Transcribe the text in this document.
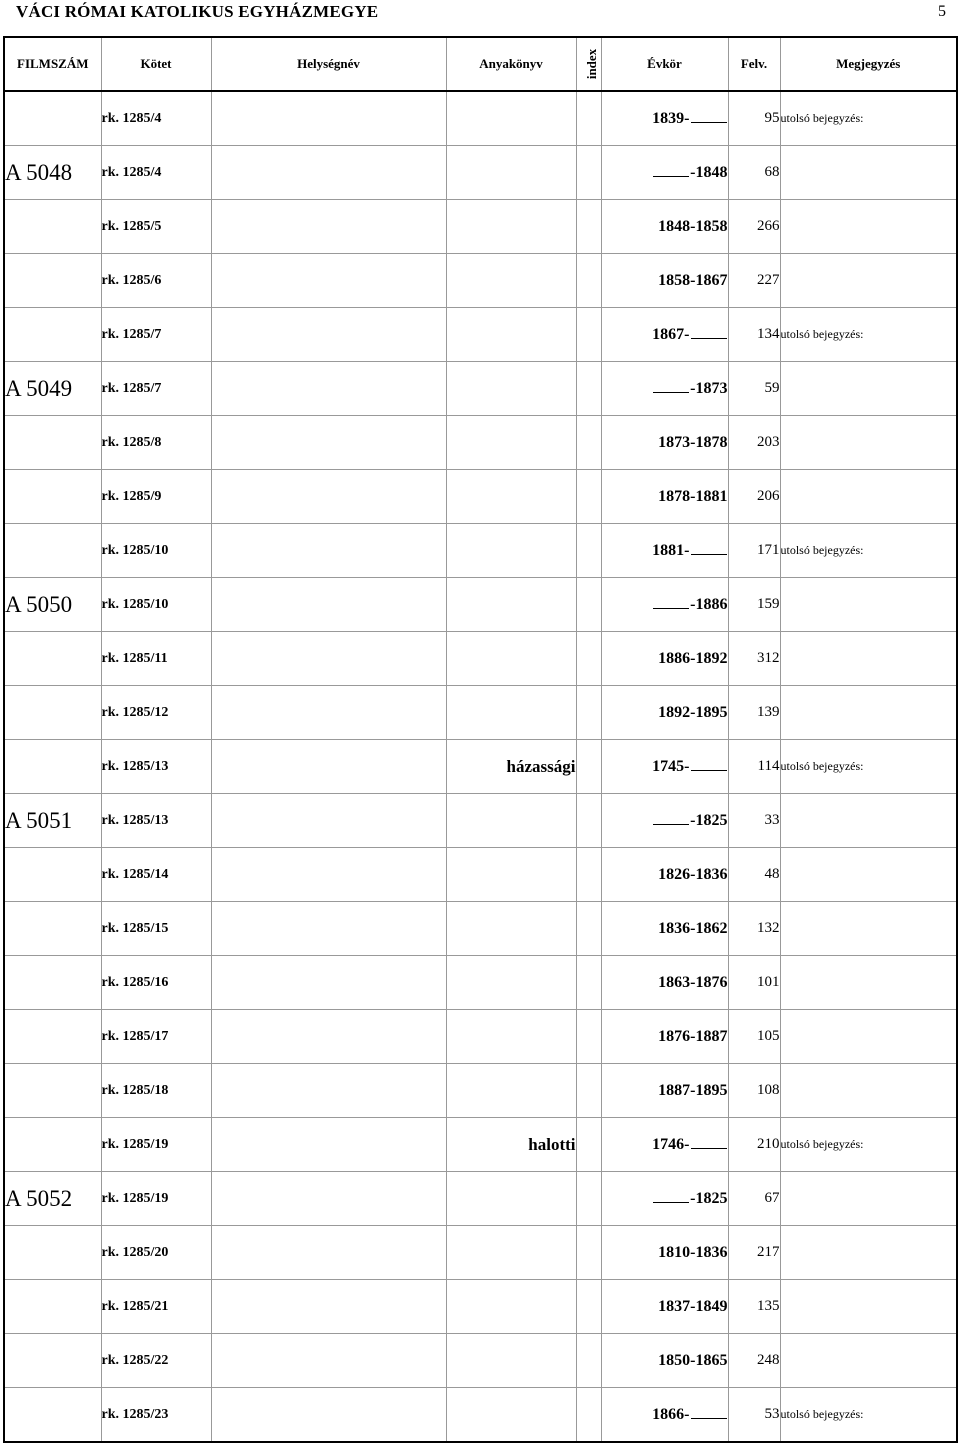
VÁCI RÓMAI KATOLIKUS EGYHÁZMEGYE	5
FILMSZÁM	Kötet	Helységnév	Anyakönyv	index	Évkör	Felv.	Megjegyzés
	rk. 1285/4				1839-	95	utolsó bejegyzés:
A 5048	rk. 1285/4				-1848	68	
	rk. 1285/5				1848-1858	266	
	rk. 1285/6				1858-1867	227	
	rk. 1285/7				1867-	134	utolsó bejegyzés:
A 5049	rk. 1285/7				-1873	59	
	rk. 1285/8				1873-1878	203	
	rk. 1285/9				1878-1881	206	
	rk. 1285/10				1881-	171	utolsó bejegyzés:
A 5050	rk. 1285/10				-1886	159	
	rk. 1285/11				1886-1892	312	
	rk. 1285/12				1892-1895	139	
	rk. 1285/13		házassági		1745-	114	utolsó bejegyzés:
A 5051	rk. 1285/13				-1825	33	
	rk. 1285/14				1826-1836	48	
	rk. 1285/15				1836-1862	132	
	rk. 1285/16				1863-1876	101	
	rk. 1285/17				1876-1887	105	
	rk. 1285/18				1887-1895	108	
	rk. 1285/19		halotti		1746-	210	utolsó bejegyzés:
A 5052	rk. 1285/19				-1825	67	
	rk. 1285/20				1810-1836	217	
	rk. 1285/21				1837-1849	135	
	rk. 1285/22				1850-1865	248	
	rk. 1285/23				1866-	53	utolsó bejegyzés:
